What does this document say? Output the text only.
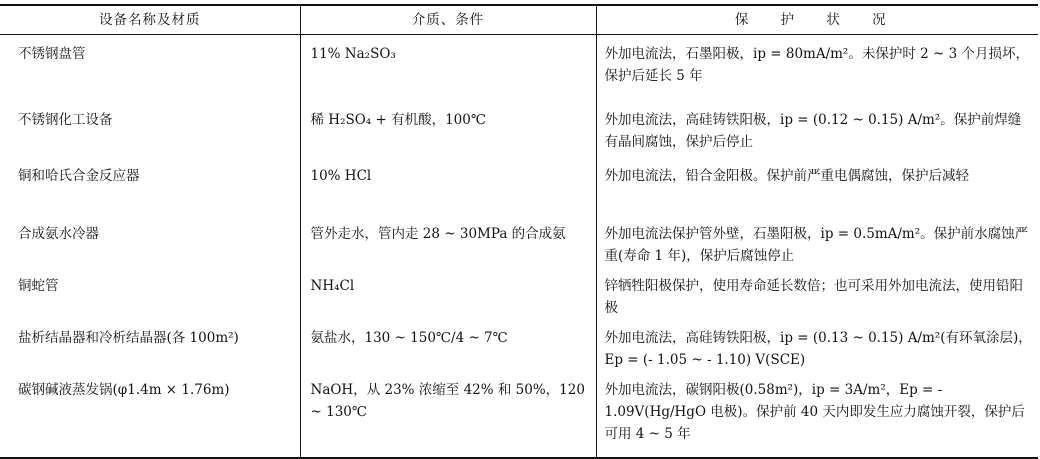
设备名称及材质	介质、条件	保 护 状 况
不锈钢盘管	11% Na₂SO₃	外加电流法，石墨阳极，iр = 80mA/m²。未保护时 2 ~ 3 个月损坏，保护后延长 5 年
不锈钢化工设备	稀 H₂SO₄ + 有机酸，100℃	外加电流法，高硅铸铁阳极，iр = (0.12 ~ 0.15) A/m²。保护前焊缝有晶间腐蚀，保护后停止
铜和哈氏合金反应器	10% HCl	外加电流法，铅合金阳极。保护前严重电偶腐蚀，保护后减轻
合成氨水冷器	管外走水，管内走 28 ~ 30MPa 的合成氨	外加电流法保护管外壁，石墨阳极，iр = 0.5mA/m²。保护前水腐蚀严重(寿命 1 年)，保护后腐蚀停止
铜蛇管	NH₄Cl	锌牺牲阳极保护，使用寿命延长数倍；也可采用外加电流法，使用铅阳极
盐析结晶器和冷析结晶器(各 100m²)	氨盐水，130 ~ 150℃/4 ~ 7℃	外加电流法，高硅铸铁阳极，iр = (0.13 ~ 0.15) A/m²(有环氧涂层)，Eр = (- 1.05 ~ - 1.10) V(SCE)
碳钢碱液蒸发锅(φ1.4m × 1.76m)	NaOH，从 23% 浓缩至 42% 和 50%，120 ~ 130℃	外加电流法，碳钢阳极(0.58m²)，iр = 3A/m²，Eр = - 1.09V(Hg/HgO 电极)。保护前 40 天内即发生应力腐蚀开裂，保护后可用 4 ~ 5 年
